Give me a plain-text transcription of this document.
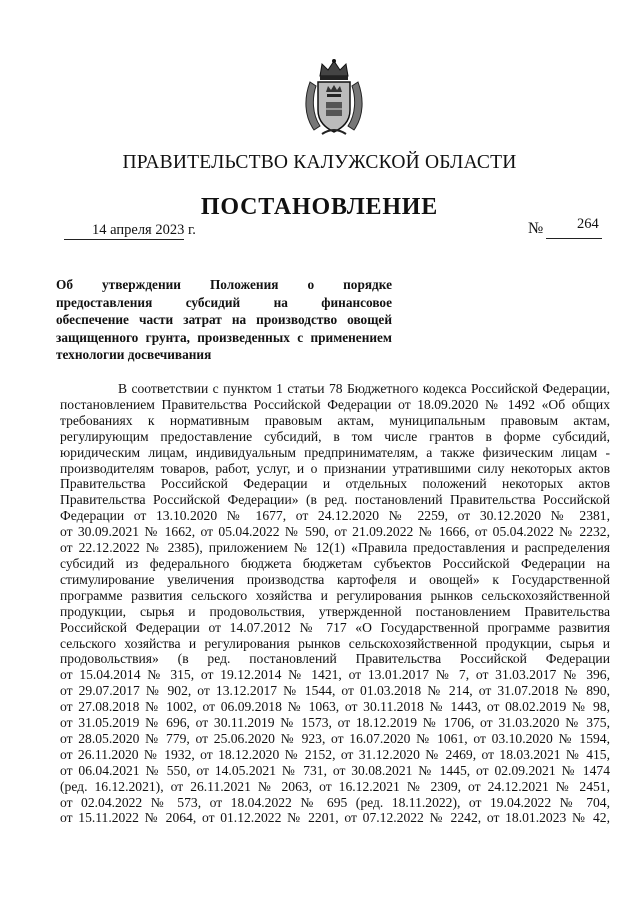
ПРАВИТЕЛЬСТВО КАЛУЖСКОЙ ОБЛАСТИ
ПОСТАНОВЛЕНИЕ
14 апреля 2023 г.	№ 264
Об утверждении Положения о порядке
предоставления субсидий на финансовое
обеспечение части затрат на производство овощей
защищенного грунта, произведенных с применением
технологии досвечивания
В соответствии с пунктом 1 статьи 78 Бюджетного кодекса Российской Федерации,
постановлением Правительства Российской Федерации от 18.09.2020 № 1492 «Об общих
требованиях к нормативным правовым актам, муниципальным правовым актам,
регулирующим предоставление субсидий, в том числе грантов в форме субсидий,
юридическим лицам, индивидуальным предпринимателям, а также физическим лицам -
производителям товаров, работ, услуг, и о признании утратившими силу некоторых актов
Правительства Российской Федерации и отдельных положений некоторых актов
Правительства Российской Федерации» (в ред. постановлений Правительства Российской
Федерации от 13.10.2020 № 1677, от 24.12.2020 № 2259, от 30.12.2020 № 2381,
от 30.09.2021 № 1662, от 05.04.2022 № 590, от 21.09.2022 № 1666, от 05.04.2022 № 2232,
от 22.12.2022 № 2385), приложением № 12(1) «Правила предоставления и распределения
субсидий из федерального бюджета бюджетам субъектов Российской Федерации на
стимулирование увеличения производства картофеля и овощей» к Государственной
программе развития сельского хозяйства и регулирования рынков сельскохозяйственной
продукции, сырья и продовольствия, утвержденной постановлением Правительства
Российской Федерации от 14.07.2012 № 717 «О Государственной программе развития
сельского хозяйства и регулирования рынков сельскохозяйственной продукции, сырья и
продовольствия» (в ред. постановлений Правительства Российской Федерации
от 15.04.2014 № 315, от 19.12.2014 № 1421, от 13.01.2017 № 7, от 31.03.2017 № 396,
от 29.07.2017 № 902, от 13.12.2017 № 1544, от 01.03.2018 № 214, от 31.07.2018 № 890,
от 27.08.2018 № 1002, от 06.09.2018 № 1063, от 30.11.2018 № 1443, от 08.02.2019 № 98,
от 31.05.2019 № 696, от 30.11.2019 № 1573, от 18.12.2019 № 1706, от 31.03.2020 № 375,
от 28.05.2020 № 779, от 25.06.2020 № 923, от 16.07.2020 № 1061, от 03.10.2020 № 1594,
от 26.11.2020 № 1932, от 18.12.2020 № 2152, от 31.12.2020 № 2469, от 18.03.2021 № 415,
от 06.04.2021 № 550, от 14.05.2021 № 731, от 30.08.2021 № 1445, от 02.09.2021 № 1474
(ред. 16.12.2021), от 26.11.2021 № 2063, от 16.12.2021 № 2309, от 24.12.2021 № 2451,
от 02.04.2022 № 573, от 18.04.2022 № 695 (ред. 18.11.2022), от 19.04.2022 № 704,
от 15.11.2022 № 2064, от 01.12.2022 № 2201, от 07.12.2022 № 2242, от 18.01.2023 № 42,
